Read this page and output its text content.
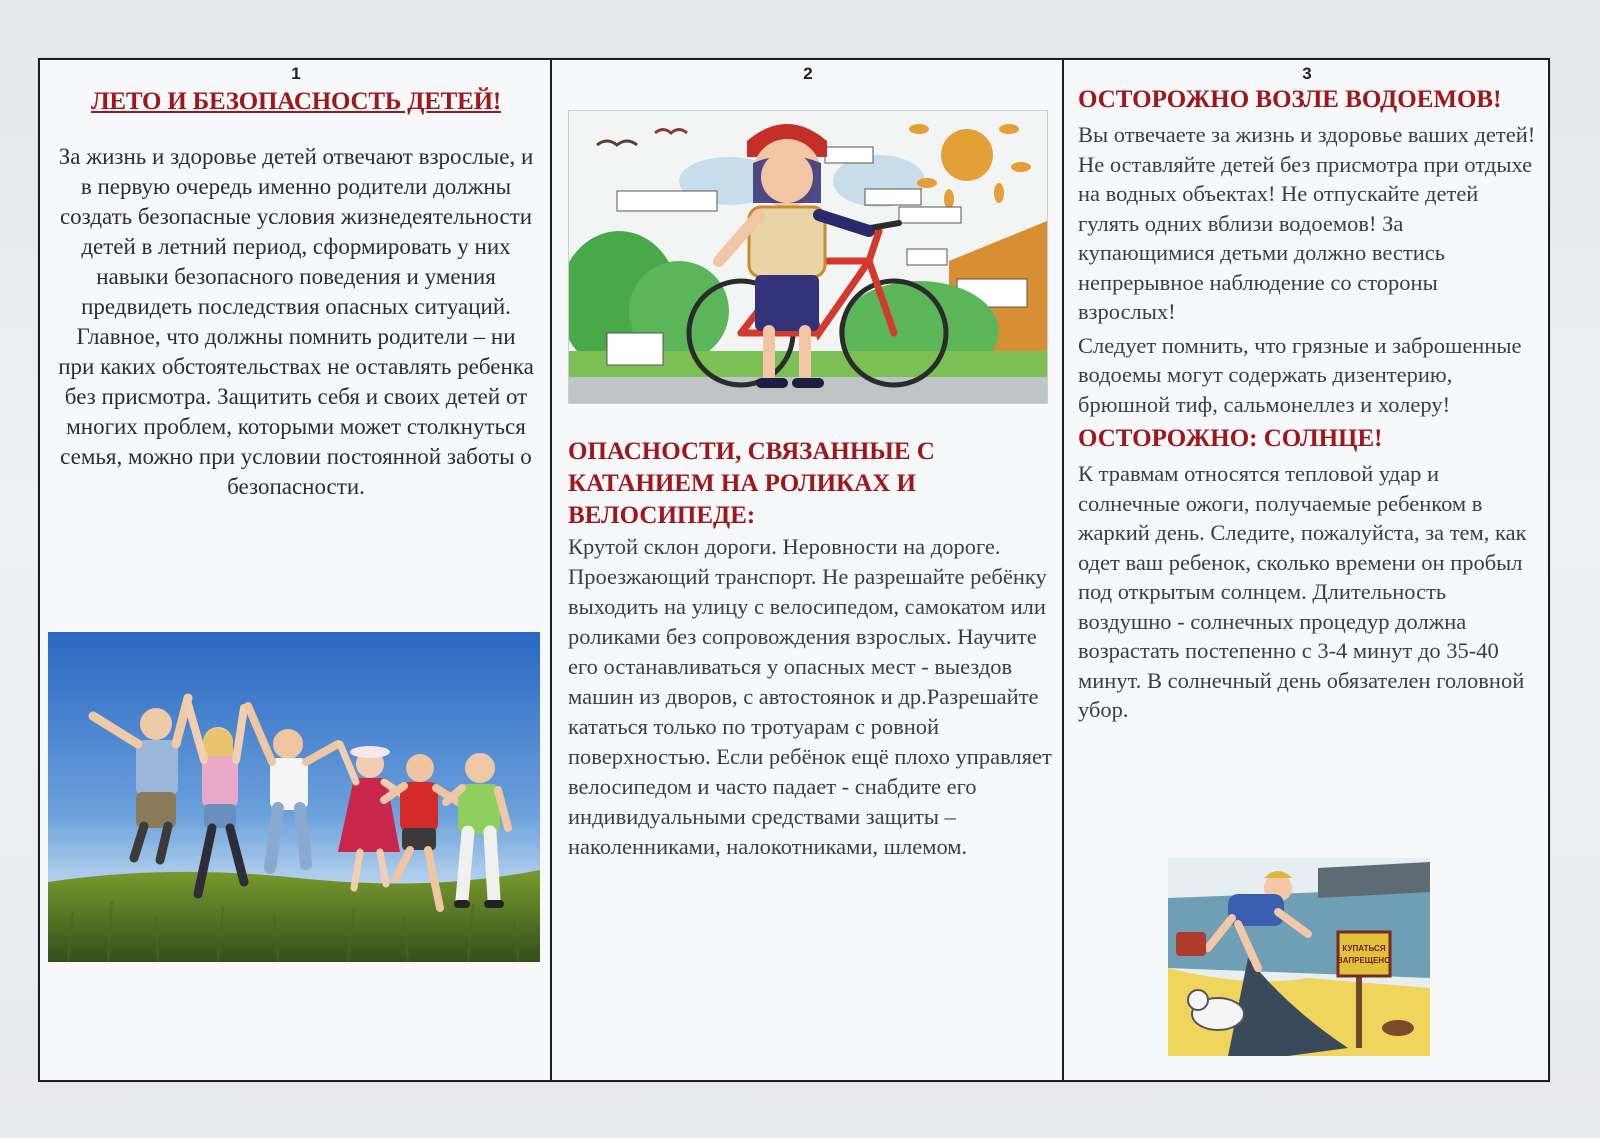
1
ЛЕТО И БЕЗОПАСНОСТЬ ДЕТЕЙ!
За жизнь и здоровье детей отвечают взрослые, и в первую очередь именно родители должны создать безопасные условия жизнедеятельности детей в летний период, сформировать у них навыки безопасного поведения и умения предвидеть последствия опасных ситуаций. Главное, что должны помнить родители – ни при каких обстоятельствах не оставлять ребенка без присмотра. Защитить себя и своих детей от многих проблем, которыми может столкнуться семья, можно при условии постоянной заботы о безопасности.
2
ОПАСНОСТИ, СВЯЗАННЫЕ С КАТАНИЕМ НА РОЛИКАХ И ВЕЛОСИПЕДЕ:
Крутой склон дороги. Неровности на дороге. Проезжающий транспорт. Не разрешайте ребёнку выходить на улицу с велосипедом, самокатом или роликами без сопровождения взрослых. Научите его останавливаться у опасных мест - выездов машин из дворов, с автостоянок и др.Разрешайте кататься только по тротуарам с ровной поверхностью. Если ребёнок ещё плохо управляет велосипедом и часто падает - снабдите его индивидуальными средствами защиты – наколенниками, налокотниками, шлемом.
3
ОСТОРОЖНО ВОЗЛЕ ВОДОЕМОВ!
Вы отвечаете за жизнь и здоровье ваших детей! Не оставляйте детей без присмотра при отдыхе на водных объектах! Не отпускайте детей гулять одних вблизи водоемов! За купающимися детьми должно вестись непрерывное наблюдение со стороны взрослых!
Следует помнить, что грязные и заброшенные водоемы могут содержать дизентерию, брюшной тиф, сальмонеллез и холеру!
ОСТОРОЖНО: СОЛНЦЕ!
К травмам относятся тепловой удар и солнечные ожоги, получаемые ребенком в жаркий день. Следите, пожалуйста, за тем, как одет ваш ребенок, сколько времени он пробыл под открытым солнцем. Длительность воздушно - солнечных процедур должна возрастать постепенно с 3-4 минут до 35-40 минут. В солнечный день обязателен головной убор.
КУПАТЬСЯ
ЗАПРЕЩЕНО
